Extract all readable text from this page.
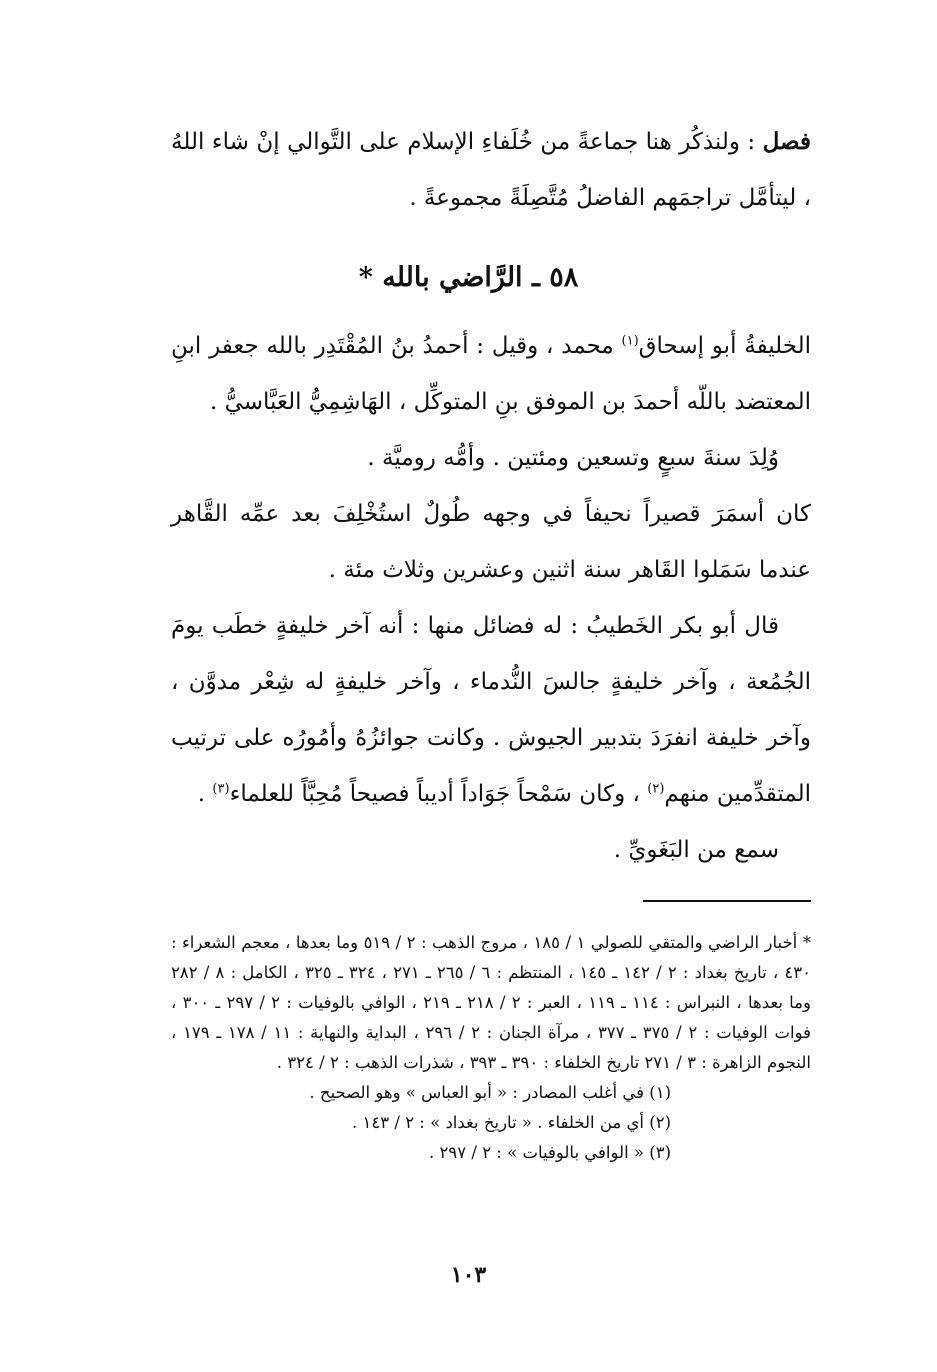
فصل : ولنذكُر هنا جماعةً من خُلَفاءِ الإسلام على التَّوالي إنْ شاء اللهُ ، ليتأمَّل تراجمَهم الفاضلُ مُتَّصِلَةً مجموعةً .

٥٨ ـ الرَّاضي بالله *

الخليفةُ أبو إسحاق$^{(١)}$ محمد ، وقيل : أحمدُ بنُ المُقْتَدِر بالله جعفر ابنِ المعتضد باللّه أحمدَ بن الموفق بنِ المتوكِّل ، الهَاشِمِيُّ العَبَّاسيُّ .

وُلِدَ سنةَ سبعٍ وتسعين ومئتين . وأمُّه روميَّة .

كان أسمَرَ قصيراً نحيفاً في وجهه طُولٌ استُخْلِفَ بعد عمِّه القَّاهر عندما سَمَلوا القَاهر سنة اثنين وعشرين وثلاث مئة .

قال أبو بكر الخَطيبُ : له فضائل منها : أنه آخر خليفةٍ خطَب يومَ الجُمُعة ، وآخر خليفةٍ جالسَ النُّدماء ، وآخر خليفةٍ له شِعْر مدوَّن ، وآخر خليفة انفرَدَ بتدبير الجيوش . وكانت جوائزُهُ وأمُورُه على ترتيب المتقدِّمين منهم$^{(٢)}$ ، وكان سَمْحاً جَوَاداً أديباً فصيحاً مُحِبَّاً للعلماء$^{(٣)}$ .

سمع من البَغَويِّ .

* أخبار الراضي والمتقي للصولي ١ / ١٨٥ ، مروج الذهب : ٢ / ٥١٩ وما بعدها ، معجم الشعراء : ٤٣٠ ، تاريخ بغداد : ٢ / ١٤٢ ـ ١٤٥ ، المنتظم : ٦ / ٢٦٥ ـ ٢٧١ ، ٣٢٤ ـ ٣٢٥ ، الكامل : ٨ / ٢٨٢ وما بعدها ، النبراس : ١١٤ ـ ١١٩ ، العبر : ٢ / ٢١٨ ـ ٢١٩ ، الوافي بالوفيات : ٢ / ٢٩٧ ـ ٣٠٠ ، فوات الوفيات : ٢ / ٣٧٥ ـ ٣٧٧ ، مرآة الجنان : ٢ / ٢٩٦ ، البداية والنهاية : ١١ / ١٧٨ ـ ١٧٩ ، النجوم الزاهرة : ٣ / ٢٧١ تاريخ الخلفاء : ٣٩٠ ـ ٣٩٣ ، شذرات الذهب : ٢ / ٣٢٤ .

(١) في أغلب المصادر : « أبو العباس » وهو الصحيح .

(٢) أي من الخلفاء . « تاريخ بغداد » : ٢ / ١٤٣ .

(٣) « الوافي بالوفيات » : ٢ / ٢٩٧ .

١٠٣
